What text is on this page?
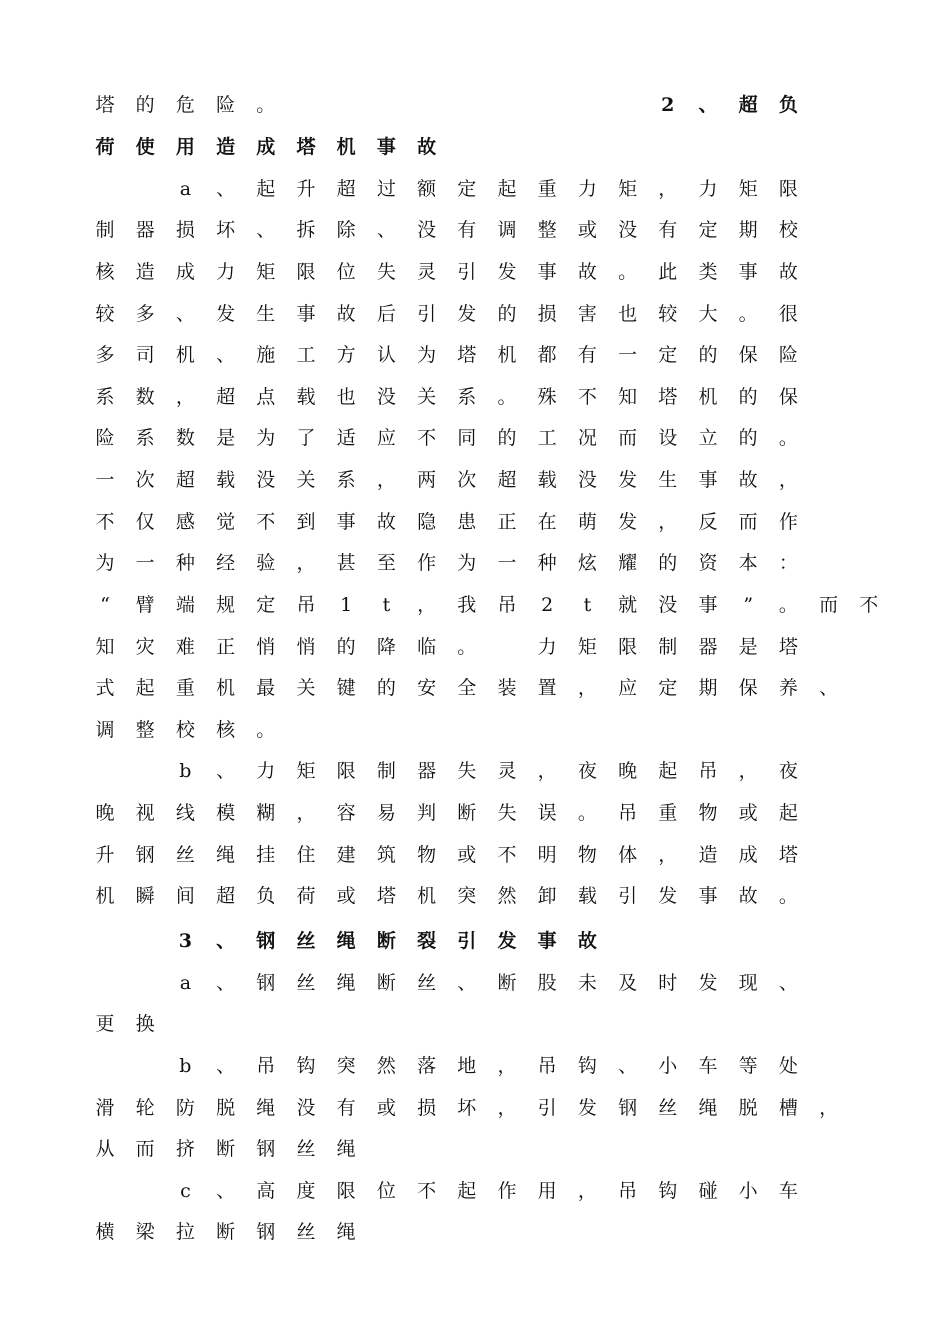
塔	的	危	险	。	2	、	超	负
荷	使	用	造	成	塔	机	事	故
a	、	起	升	超	过	额	定	起	重	力	矩	，	力	矩	限
制	器	损	坏	、	拆	除	、	没	有	调	整	或	没	有	定	期	校
核	造	成	力	矩	限	位	失	灵	引	发	事	故	。	此	类	事	故
较	多	、	发	生	事	故	后	引	发	的	损	害	也	较	大	。	很
多	司	机	、	施	工	方	认	为	塔	机	都	有	一	定	的	保	险
系	数	，	超	点	载	也	没	关	系	。	殊	不	知	塔	机	的	保
险	系	数	是	为	了	适	应	不	同	的	工	况	而	设	立	的	。
一	次	超	载	没	关	系	，	两	次	超	载	没	发	生	事	故	，
不	仅	感	觉	不	到	事	故	隐	患	正	在	萌	发	，	反	而	作
为	一	种	经	验	，	甚	至	作	为	一	种	炫	耀	的	资	本	：
“	臂	端	规	定	吊	1	t	，	我	吊	2	t	就	没	事	”	。	而	不
知	灾	难	正	悄	悄	的	降	临	。
　	力	矩	限	制	器	是	塔
式	起	重	机	最	关	键	的	安	全	装	置	，	应	定	期	保	养	、
调	整	校	核	。
b	、	力	矩	限	制	器	失	灵	，	夜	晚	起	吊	，	夜
晚	视	线	模	糊	，	容	易	判	断	失	误	。	吊	重	物	或	起
升	钢	丝	绳	挂	住	建	筑	物	或	不	明	物	体	，	造	成	塔
机	瞬	间	超	负	荷	或	塔	机	突	然	卸	载	引	发	事	故	。
3	、	钢	丝	绳	断	裂	引	发	事	故
a	、	钢	丝	绳	断	丝	、	断	股	未	及	时	发	现	、
更	换
b	、	吊	钩	突	然	落	地	，	吊	钩	、	小	车	等	处
滑	轮	防	脱	绳	没	有	或	损	坏	，	引	发	钢	丝	绳	脱	槽	，
从	而	挤	断	钢	丝	绳
c	、	高	度	限	位	不	起	作	用	，	吊	钩	碰	小	车
横	梁	拉	断	钢	丝	绳
